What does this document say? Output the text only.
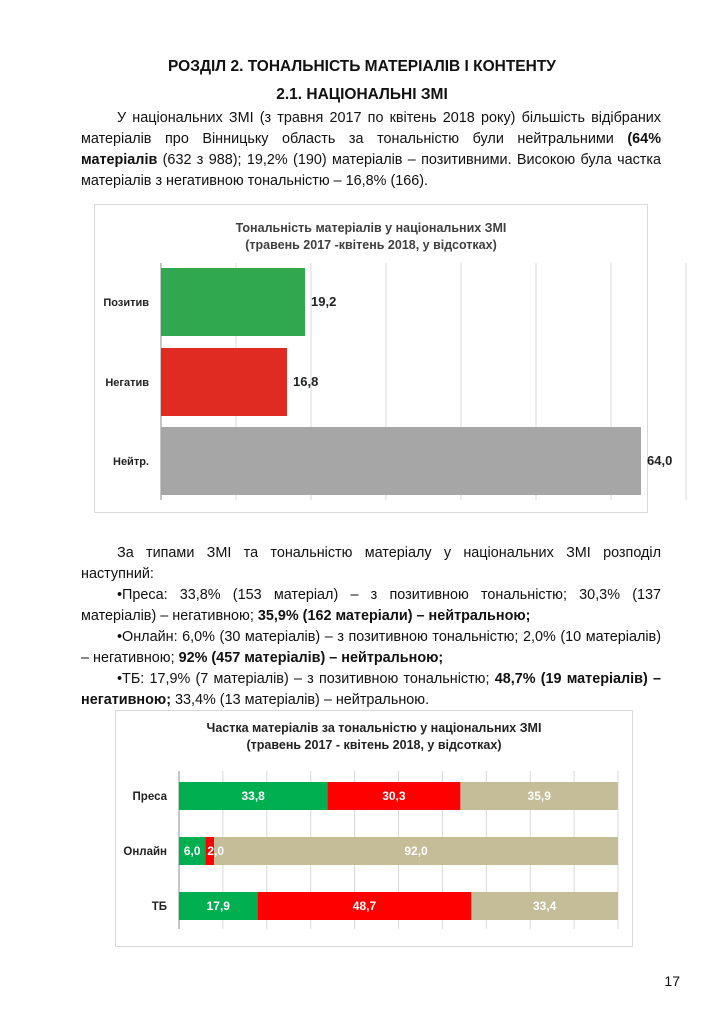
РОЗДІЛ 2. ТОНАЛЬНІСТЬ МАТЕРІАЛІВ І КОНТЕНТУ
2.1. НАЦІОНАЛЬНІ ЗМІ

У національних ЗМІ (з травня 2017 по квітень 2018 року) більшість відібраних матеріалів про Вінницьку область за тональністю були нейтральними (64% матеріалів (632 з 988); 19,2% (190) матеріалів – позитивними. Високою була частка матеріалів з негативною тональністю – 16,8% (166).

Тональність матеріалів у національних ЗМІ
(травень 2017 -квітень 2018, у відсотках)
Позитив
Негатив
Нейтр.
19,2
16,8
64,0

За типами ЗМІ та тональністю матеріалу у національних ЗМІ розподіл наступний:

•Преса: 33,8% (153 матеріал) – з позитивною тональністю; 30,3% (137 матеріалів) – негативною; 35,9% (162 матеріали) – нейтральною;

•Онлайн: 6,0% (30 матеріалів) – з позитивною тональністю; 2,0% (10 матеріалів) – негативною; 92% (457 матеріалів) – нейтральною;

•ТБ: 17,9% (7 матеріалів) – з позитивною тональністю; 48,7% (19 матеріалів) – негативною; 33,4% (13 матеріалів) – нейтральною.

Частка матеріалів за тональністю у національних ЗМІ
(травень 2017 - квітень 2018, у відсотках)
Преса
Онлайн
ТБ
33,8	30,3	35,9
6,0 2,0	92,0
17,9	48,7	33,4
17
